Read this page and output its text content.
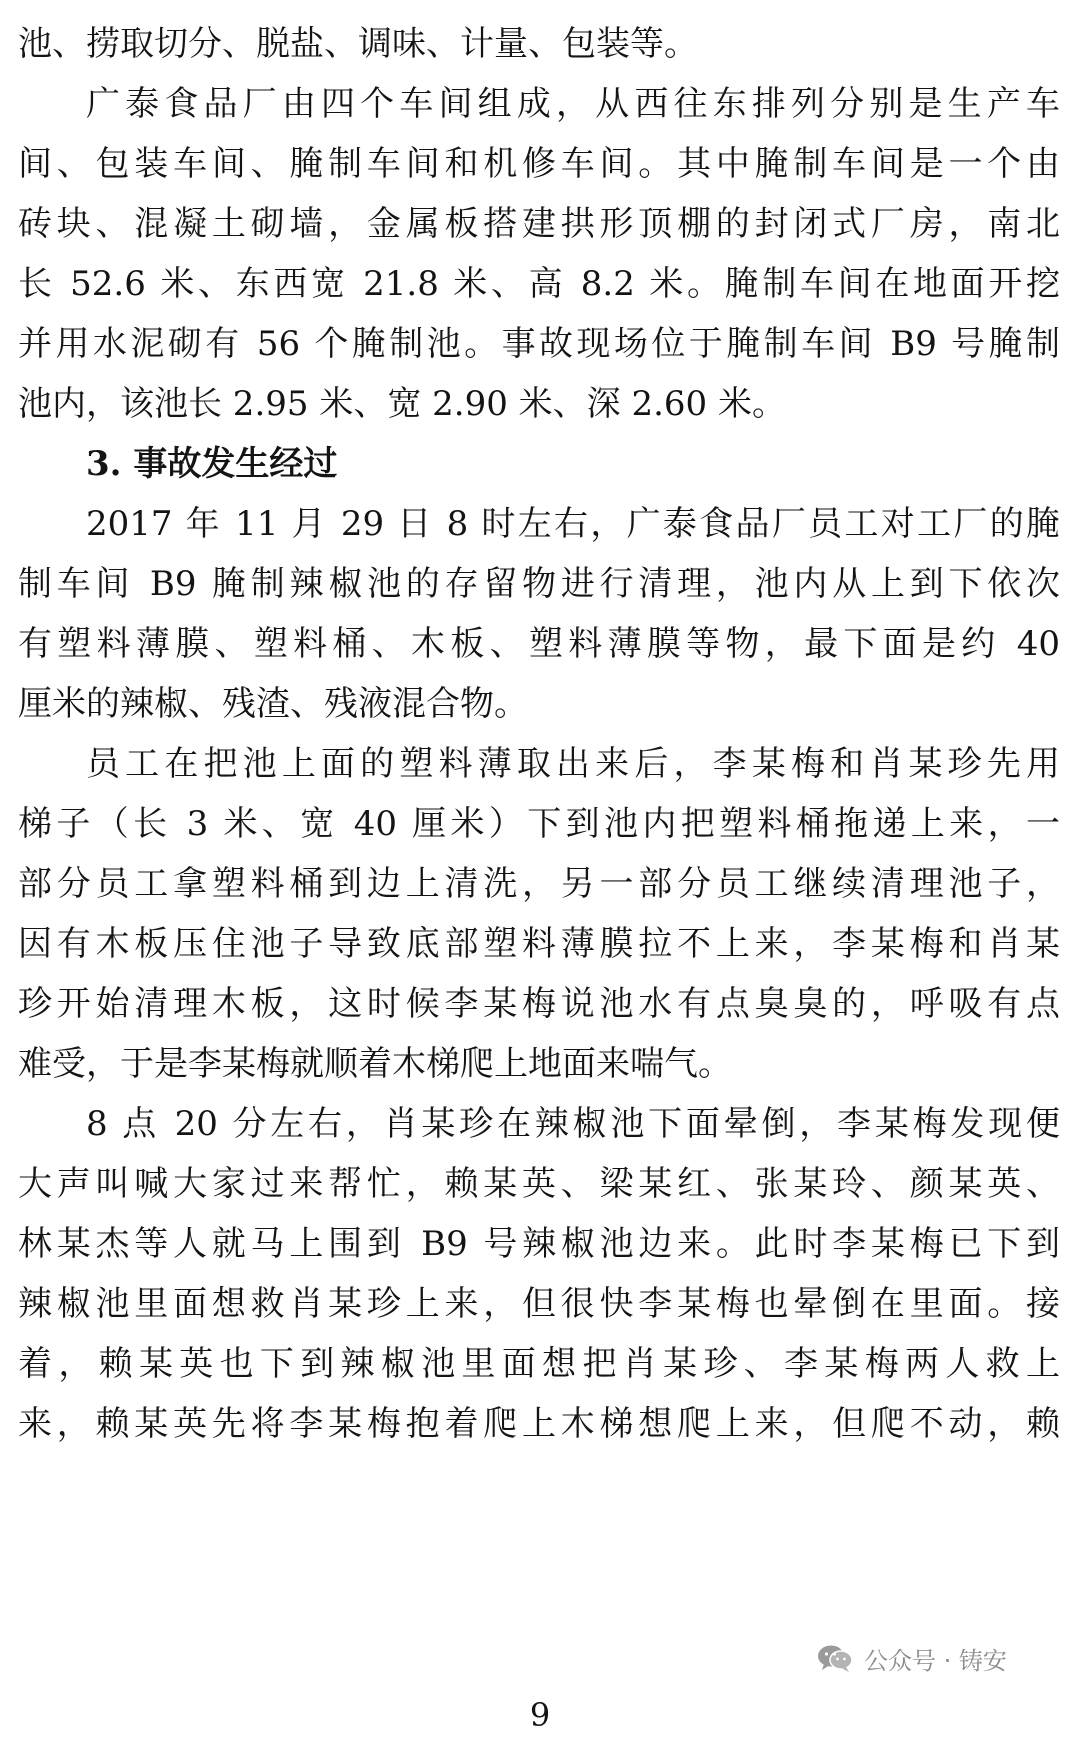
池、捞取切分、脱盐、调味、计量、包装等。
广泰食品厂由四个车间组成，从西往东排列分别是生产车
间、包装车间、腌制车间和机修车间。其中腌制车间是一个由
砖块、混凝土砌墙，金属板搭建拱形顶棚的封闭式厂房，南北
长 52.6 米、东西宽 21.8 米、高 8.2 米。腌制车间在地面开挖
并用水泥砌有 56 个腌制池。事故现场位于腌制车间 B9 号腌制
池内，该池长 2.95 米、宽 2.90 米、深 2.60 米。
3. 事故发生经过
2017 年 11 月 29 日 8 时左右，广泰食品厂员工对工厂的腌
制车间 B9 腌制辣椒池的存留物进行清理，池内从上到下依次
有塑料薄膜、塑料桶、木板、塑料薄膜等物，最下面是约 40
厘米的辣椒、残渣、残液混合物。
员工在把池上面的塑料薄取出来后，李某梅和肖某珍先用
梯子（长 3 米、宽 40 厘米）下到池内把塑料桶拖递上来，一
部分员工拿塑料桶到边上清洗，另一部分员工继续清理池子，
因有木板压住池子导致底部塑料薄膜拉不上来，李某梅和肖某
珍开始清理木板，这时候李某梅说池水有点臭臭的，呼吸有点
难受，于是李某梅就顺着木梯爬上地面来喘气。
8 点 20 分左右，肖某珍在辣椒池下面晕倒，李某梅发现便
大声叫喊大家过来帮忙，赖某英、梁某红、张某玲、颜某英、
林某杰等人就马上围到 B9 号辣椒池边来。此时李某梅已下到
辣椒池里面想救肖某珍上来，但很快李某梅也晕倒在里面。接
着，赖某英也下到辣椒池里面想把肖某珍、李某梅两人救上
来，赖某英先将李某梅抱着爬上木梯想爬上来，但爬不动，赖
公众号 · 铸安
9
